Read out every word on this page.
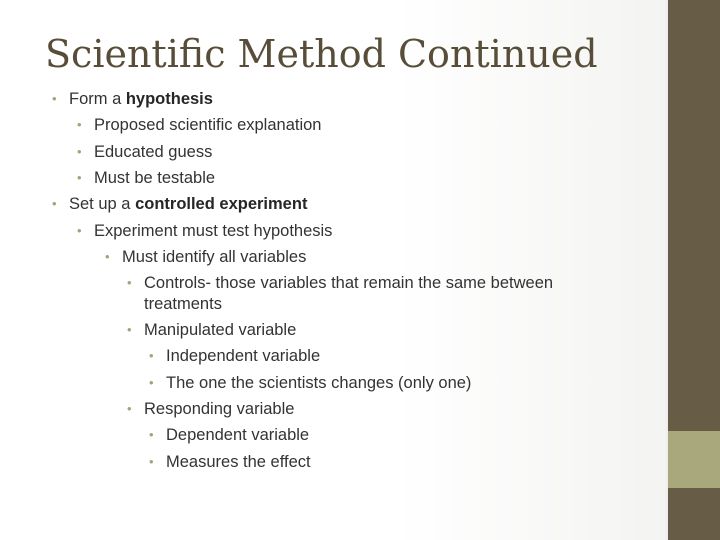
Scientific Method Continued
• Form a hypothesis
• Proposed scientific explanation
• Educated guess
• Must be testable
• Set up a controlled experiment
• Experiment must test hypothesis
• Must identify all variables
• Controls- those variables that remain the same between
treatments
• Manipulated variable
• Independent variable
• The one the scientists changes (only one)
• Responding variable
• Dependent variable
• Measures the effect
